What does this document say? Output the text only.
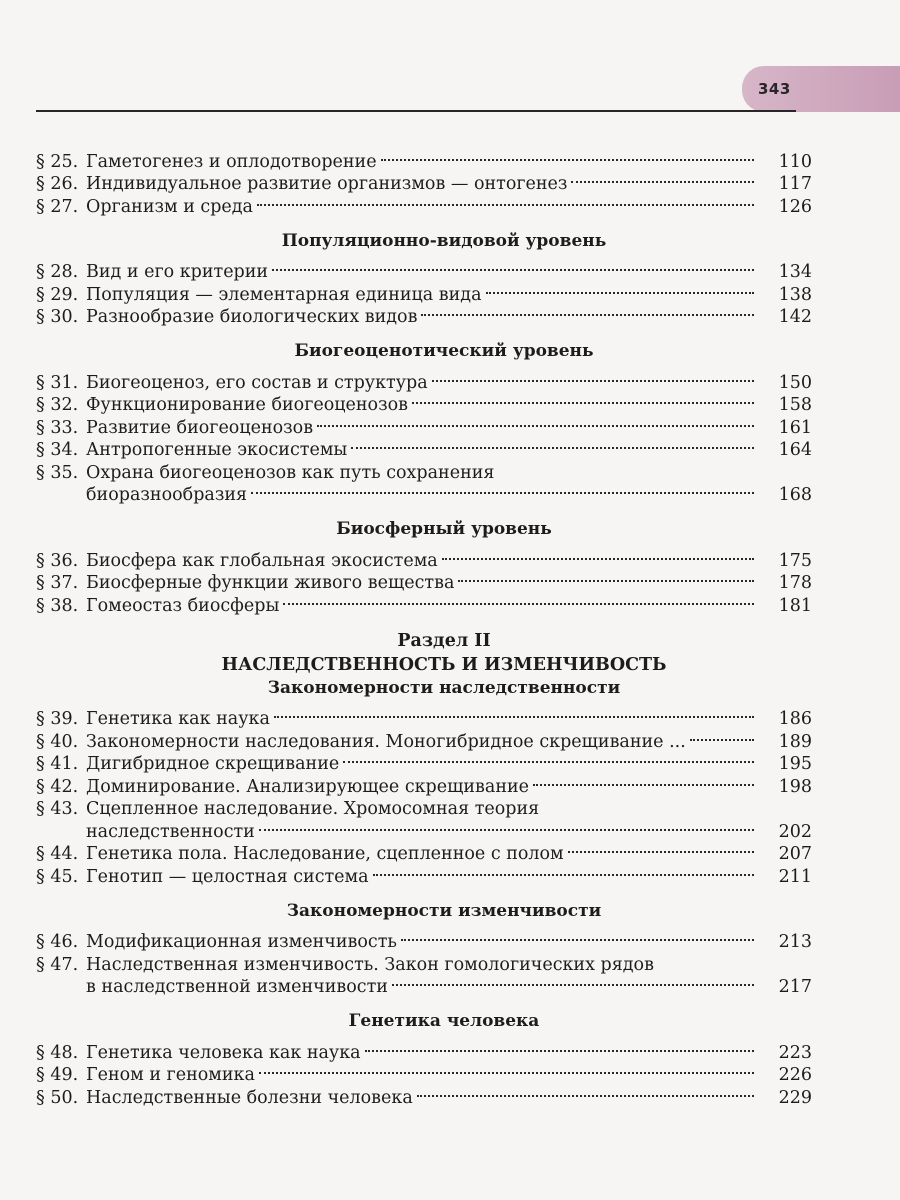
343
§ 25. Гаметогенез и оплодотворение	110
§ 26. Индивидуальное развитие организмов — онтогенез	117
§ 27. Организм и среда	126
Популяционно-видовой уровень
§ 28. Вид и его критерии	134
§ 29. Популяция — элементарная единица вида	138
§ 30. Разнообразие биологических видов	142
Биогеоценотический уровень
§ 31. Биогеоценоз, его состав и структура	150
§ 32. Функционирование биогеоценозов	158
§ 33. Развитие биогеоценозов	161
§ 34. Антропогенные экосистемы	164
§ 35. Охрана биогеоценозов как путь сохранения
биоразнообразия	168
Биосферный уровень
§ 36. Биосфера как глобальная экосистема	175
§ 37. Биосферные функции живого вещества	178
§ 38. Гомеостаз биосферы	181
Раздел II
НАСЛЕДСТВЕННОСТЬ И ИЗМЕНЧИВОСТЬ
Закономерности наследственности
§ 39. Генетика как наука	186
§ 40. Закономерности наследования. Моногибридное скрещивание ...	189
§ 41. Дигибридное скрещивание	195
§ 42. Доминирование. Анализирующее скрещивание	198
§ 43. Сцепленное наследование. Хромосомная теория
наследственности	202
§ 44. Генетика пола. Наследование, сцепленное с полом	207
§ 45. Генотип — целостная система	211
Закономерности изменчивости
§ 46. Модификационная изменчивость	213
§ 47. Наследственная изменчивость. Закон гомологических рядов
в наследственной изменчивости	217
Генетика человека
§ 48. Генетика человека как наука	223
§ 49. Геном и геномика	226
§ 50. Наследственные болезни человека	229
